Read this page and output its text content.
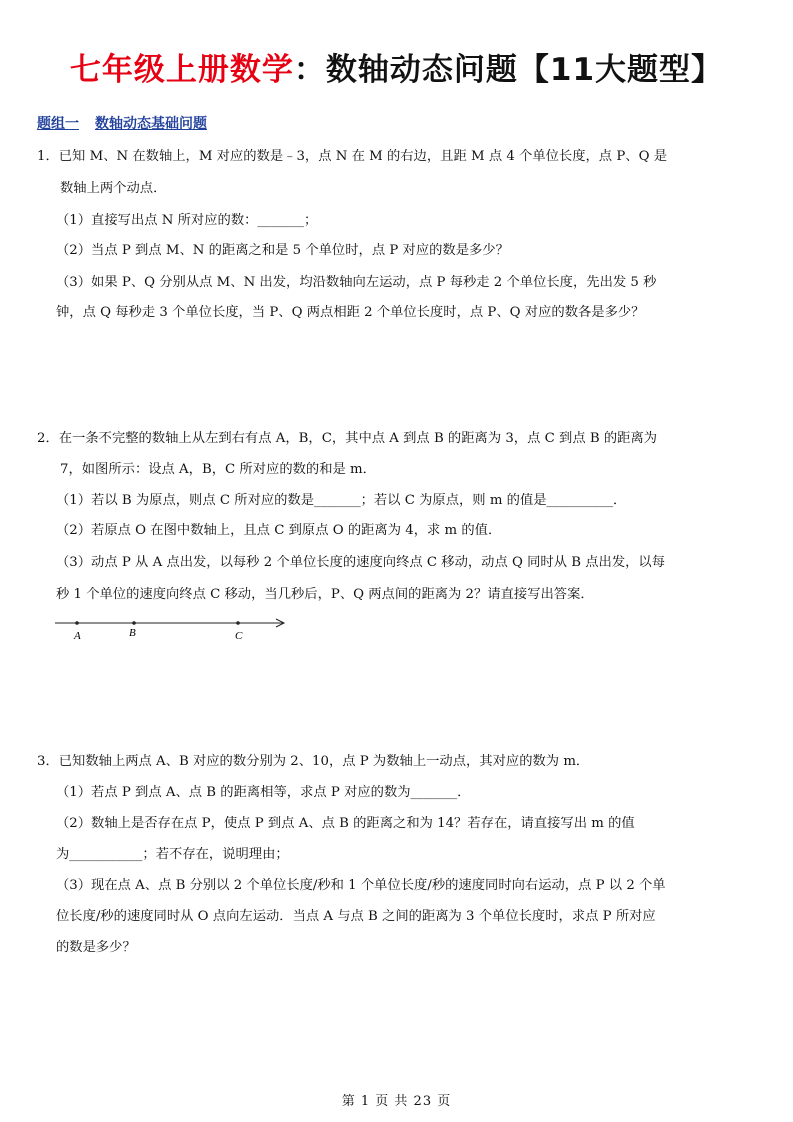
七年级上册数学：数轴动态问题【11大题型】
题组一 数轴动态基础问题
1．已知 M、N 在数轴上，M 对应的数是﹣3，点 N 在 M 的右边，且距 M 点 4 个单位长度，点 P、Q 是
数轴上两个动点．
（1）直接写出点 N 所对应的数：_______；
（2）当点 P 到点 M、N 的距离之和是 5 个单位时，点 P 对应的数是多少？
（3）如果 P、Q 分别从点 M、N 出发，均沿数轴向左运动，点 P 每秒走 2 个单位长度，先出发 5 秒
钟，点 Q 每秒走 3 个单位长度，当 P、Q 两点相距 2 个单位长度时，点 P、Q 对应的数各是多少？
2．在一条不完整的数轴上从左到右有点 A，B，C，其中点 A 到点 B 的距离为 3，点 C 到点 B 的距离为
7，如图所示：设点 A，B，C 所对应的数的和是 m．
（1）若以 B 为原点，则点 C 所对应的数是_______；若以 C 为原点，则 m 的值是__________．
（2）若原点 O 在图中数轴上，且点 C 到原点 O 的距离为 4，求 m 的值．
（3）动点 P 从 A 点出发，以每秒 2 个单位长度的速度向终点 C 移动，动点 Q 同时从 B 点出发，以每
秒 1 个单位的速度向终点 C 移动，当几秒后，P、Q 两点间的距离为 2？请直接写出答案．
A	B	C
3．已知数轴上两点 A、B 对应的数分别为 2、10，点 P 为数轴上一动点，其对应的数为 m．
（1）若点 P 到点 A、点 B 的距离相等，求点 P 对应的数为_______．
（2）数轴上是否存在点 P，使点 P 到点 A、点 B 的距离之和为 14？若存在，请直接写出 m 的值
为___________；若不存在，说明理由；
（3）现在点 A、点 B 分别以 2 个单位长度/秒和 1 个单位长度/秒的速度同时向右运动，点 P 以 2 个单
位长度/秒的速度同时从 O 点向左运动．当点 A 与点 B 之间的距离为 3 个单位长度时，求点 P 所对应
的数是多少？
第 1 页 共 23 页
